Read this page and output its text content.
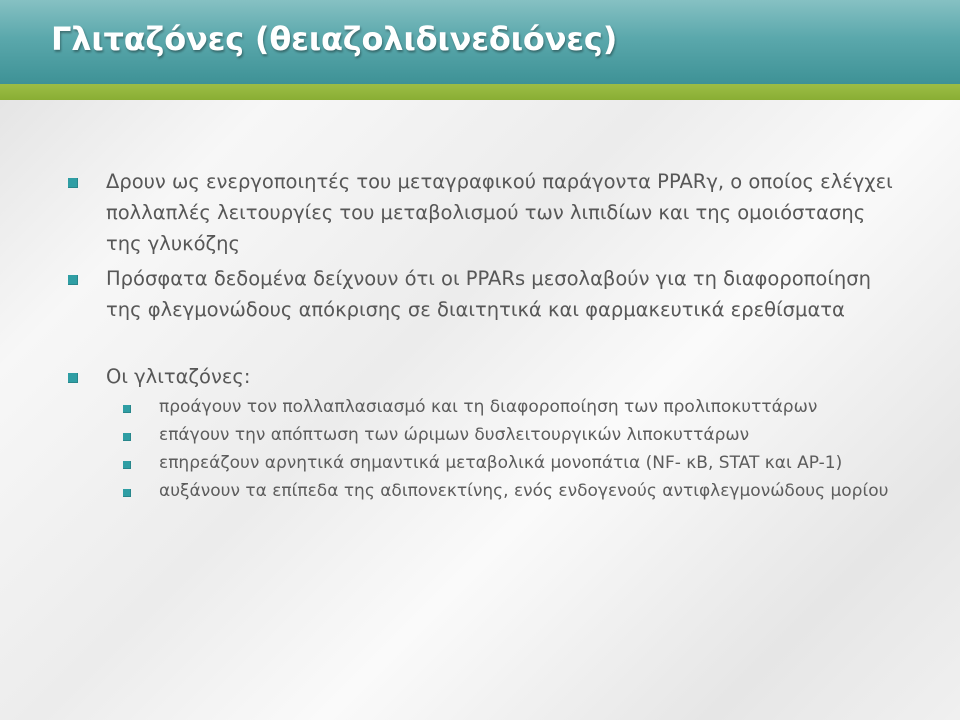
Γλιταζόνες (θειαζολιδινεδιόνες)
Δρουν ως ενεργοποιητές του μεταγραφικού παράγοντα PPARγ, ο οποίος ελέγχει πολλαπλές λειτουργίες του μεταβολισμού των λιπιδίων και της ομοιόστασης της γλυκόζης
Πρόσφατα δεδομένα δείχνουν ότι οι PPARs μεσολαβούν για τη διαφοροποίηση της φλεγμονώδους απόκρισης σε διαιτητικά και φαρμακευτικά ερεθίσματα
Οι γλιταζόνες:
προάγουν τον πολλαπλασιασμό και τη διαφοροποίηση των προλιποκυττάρων
επάγουν την απόπτωση των ώριμων δυσλειτουργικών λιποκυττάρων
επηρεάζουν αρνητικά σημαντικά μεταβολικά μονοπάτια (NF- κB, STAT και AP-1)
αυξάνουν τα επίπεδα της αδιπονεκτίνης, ενός ενδογενούς αντιφλεγμονώδους μορίου
